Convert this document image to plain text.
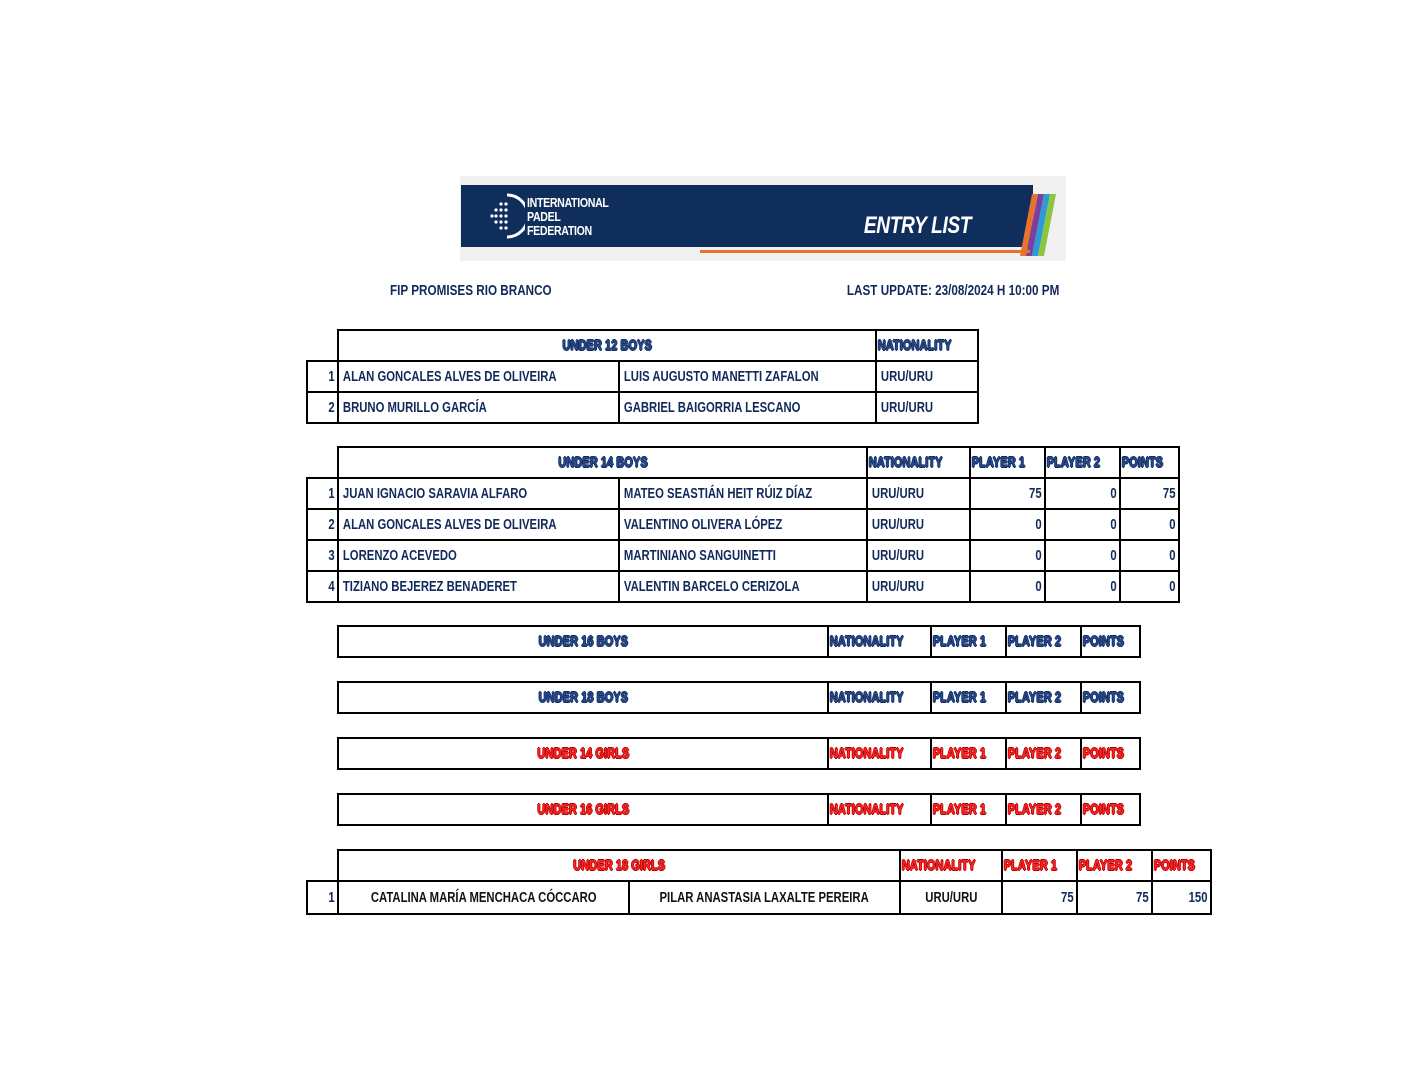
INTERNATIONAL
PADEL
FEDERATION	ENTRY LIST
FIP PROMISES RIO BRANCO	LAST UPDATE: 23/08/2024 H 10:00 PM

	UNDER 12 BOYS		NATIONALITY

1	ALAN GONCALES ALVES DE OLIVEIRA	LUIS AUGUSTO MANETTI ZAFALON	URU/URU

2	BRUNO MURILLO GARCÍA	GABRIEL BAIGORRIA LESCANO	URU/URU

	UNDER 14 BOYS		NATIONALITY	PLAYER 1	PLAYER 2	POINTS

1	JUAN IGNACIO SARAVIA ALFARO	MATEO SEASTIÁN HEIT RÚIZ DÍAZ	URU/URU	75	0	75

2	ALAN GONCALES ALVES DE OLIVEIRA	VALENTINO OLIVERA LÓPEZ	URU/URU	0	0	0

3	LORENZO ACEVEDO	MARTINIANO SANGUINETTI	URU/URU	0	0	0

4	TIZIANO BEJEREZ BENADERET	VALENTIN BARCELO CERIZOLA	URU/URU	0	0	0
UNDER 16 BOYS	NATIONALITY	PLAYER 1	PLAYER 2	POINTS
UNDER 18 BOYS	NATIONALITY	PLAYER 1	PLAYER 2	POINTS
UNDER 14 GIRLS	NATIONALITY	PLAYER 1	PLAYER 2	POINTS
UNDER 16 GIRLS	NATIONALITY	PLAYER 1	PLAYER 2	POINTS

	UNDER 18 GIRLS		NATIONALITY	PLAYER 1	PLAYER 2	POINTS

1	CATALINA MARÍA MENCHACA CÓCCARO	PILAR ANASTASIA LAXALTE PEREIRA	URU/URU	75	75	150
